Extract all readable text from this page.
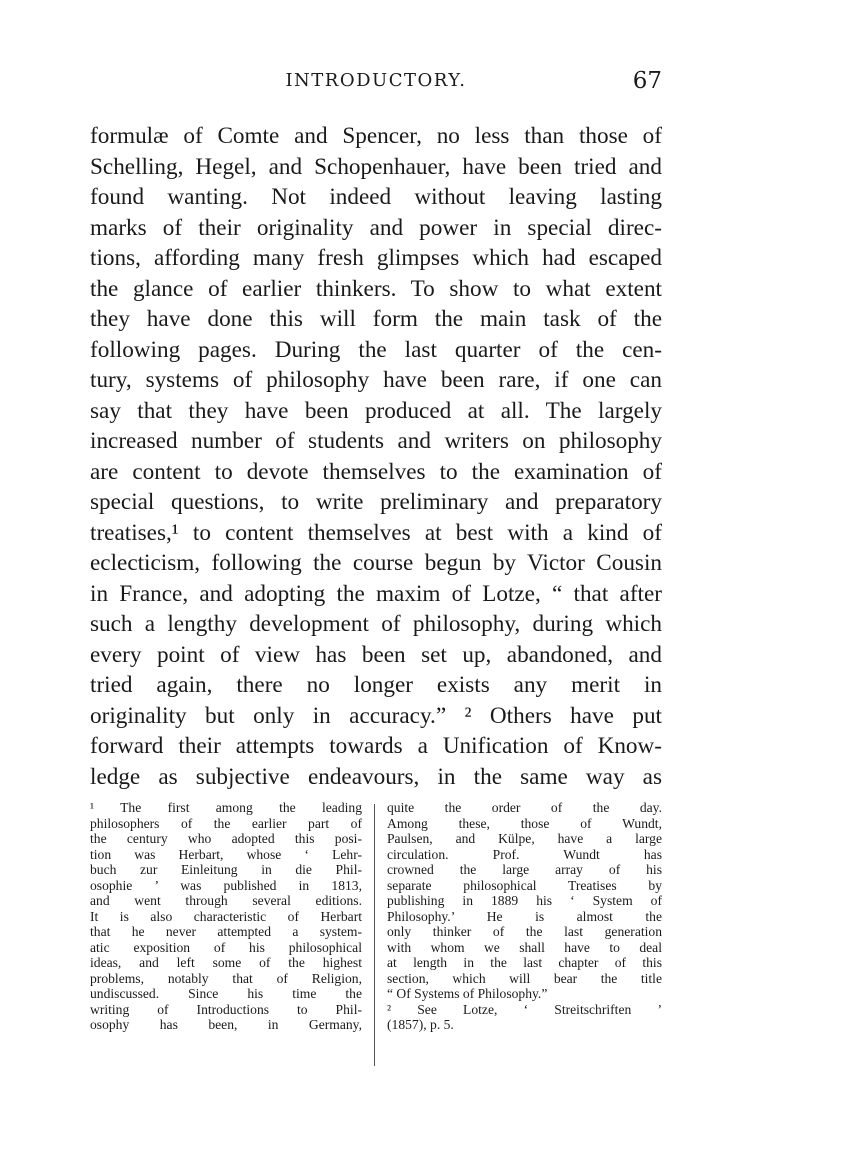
INTRODUCTORY.	67
formulæ of Comte and Spencer, no less than those of
Schelling, Hegel, and Schopenhauer, have been tried and
found wanting. Not indeed without leaving lasting
marks of their originality and power in special direc-
tions, affording many fresh glimpses which had escaped
the glance of earlier thinkers. To show to what extent
they have done this will form the main task of the
following pages. During the last quarter of the cen-
tury, systems of philosophy have been rare, if one can
say that they have been produced at all. The largely
increased number of students and writers on philosophy
are content to devote themselves to the examination of
special questions, to write preliminary and preparatory
treatises,¹ to content themselves at best with a kind of
eclecticism, following the course begun by Victor Cousin
in France, and adopting the maxim of Lotze, “ that after
such a lengthy development of philosophy, during which
every point of view has been set up, abandoned, and
tried again, there no longer exists any merit in
originality but only in accuracy.” ² Others have put
forward their attempts towards a Unification of Know-
ledge as subjective endeavours, in the same way as
¹ The first among the leading
philosophers of the earlier part of
the century who adopted this posi-
tion was Herbart, whose ‘ Lehr-
buch zur Einleitung in die Phil-
osophie ’ was published in 1813,
and went through several editions.
It is also characteristic of Herbart
that he never attempted a system-
atic exposition of his philosophical
ideas, and left some of the highest
problems, notably that of Religion,
undiscussed. Since his time the
writing of Introductions to Phil-
osophy has been, in Germany,
quite the order of the day.
Among these, those of Wundt,
Paulsen, and Külpe, have a large
circulation. Prof. Wundt has
crowned the large array of his
separate philosophical Treatises by
publishing in 1889 his ‘ System of
Philosophy.’ He is almost the
only thinker of the last generation
with whom we shall have to deal
at length in the last chapter of this
section, which will bear the title
“ Of Systems of Philosophy.”
² See Lotze, ‘ Streitschriften ’
(1857), p. 5.
